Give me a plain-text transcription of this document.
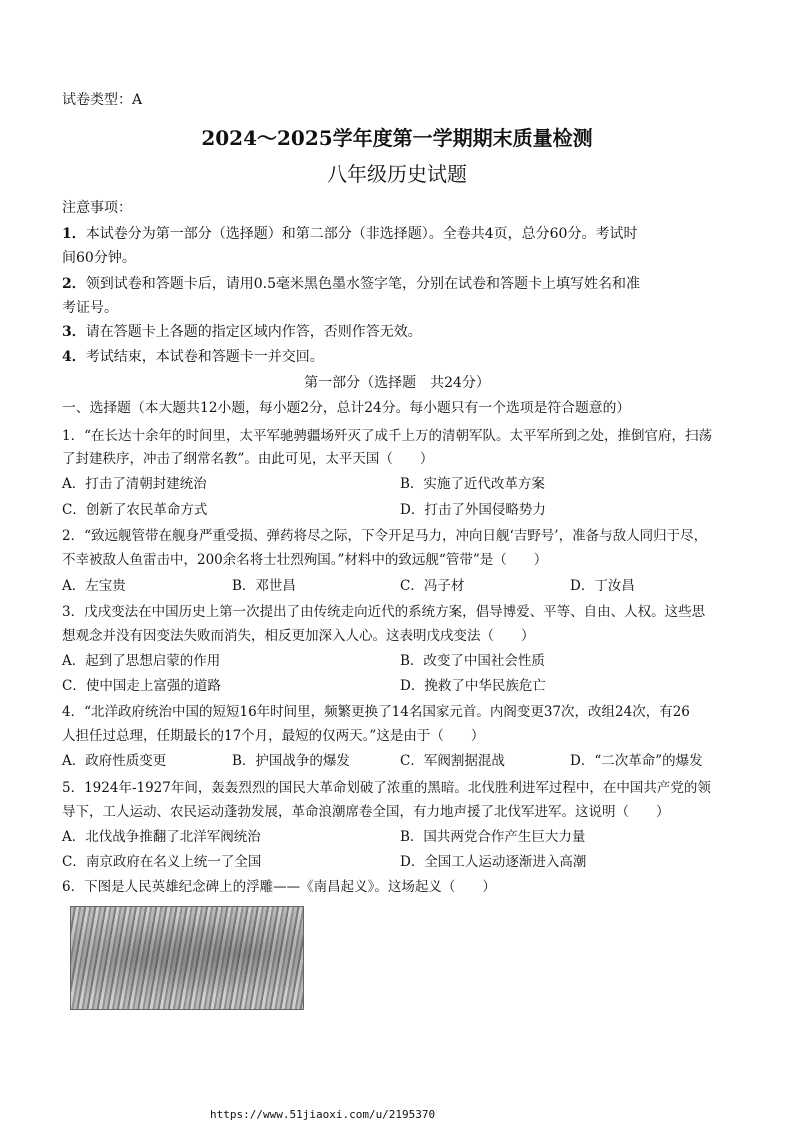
试卷类型：A
2024～2025学年度第一学期期末质量检测
八年级历史试题
注意事项：
1．本试卷分为第一部分（选择题）和第二部分（非选择题）。全卷共4页，总分60分。考试时
间60分钟。
2．领到试卷和答题卡后，请用0.5毫米黑色墨水签字笔，分别在试卷和答题卡上填写姓名和准
考证号。
3．请在答题卡上各题的指定区域内作答，否则作答无效。
4．考试结束，本试卷和答题卡一并交回。
第一部分（选择题　共24分）
一、选择题（本大题共12小题，每小题2分，总计24分。每小题只有一个选项是符合题意的）
1．“在长达十余年的时间里，太平军驰骋疆场歼灭了成千上万的清朝军队。太平军所到之处，推倒官府，扫荡
了封建秩序，冲击了纲常名教”。由此可见，太平天国（　　）
A．打击了清朝封建统治	B．实施了近代改革方案
C．创新了农民革命方式	D．打击了外国侵略势力
2．“致远舰管带在舰身严重受损、弹药将尽之际，下令开足马力，冲向日舰‘吉野号’，准备与敌人同归于尽，
不幸被敌人鱼雷击中，200余名将士壮烈殉国。”材料中的致远舰“管带”是（　　）
A．左宝贵	B．邓世昌	C．冯子材	D．丁汝昌
3．戊戌变法在中国历史上第一次提出了由传统走向近代的系统方案，倡导博爱、平等、自由、人权。这些思
想观念并没有因变法失败而消失，相反更加深入人心。这表明戊戌变法（　　）
A．起到了思想启蒙的作用	B．改变了中国社会性质
C．使中国走上富强的道路	D．挽救了中华民族危亡
4．“北洋政府统治中国的短短16年时间里，频繁更换了14名国家元首。内阁变更37次，改组24次，有26
人担任过总理，任期最长的17个月，最短的仅两天。”这是由于（　　）
A．政府性质变更	B．护国战争的爆发	C．军阀割据混战	D．“二次革命”的爆发
5．1924年-1927年间，轰轰烈烈的国民大革命划破了浓重的黑暗。北伐胜利进军过程中，在中国共产党的领
导下，工人运动、农民运动蓬勃发展，革命浪潮席卷全国，有力地声援了北伐军进军。这说明（　　）
A．北伐战争推翻了北洋军阀统治	B．国共两党合作产生巨大力量
C．南京政府在名义上统一了全国	D．全国工人运动逐渐进入高潮
6．下图是人民英雄纪念碑上的浮雕——《南昌起义》。这场起义（　　）
https://www.51jiaoxi.com/u/2195370
